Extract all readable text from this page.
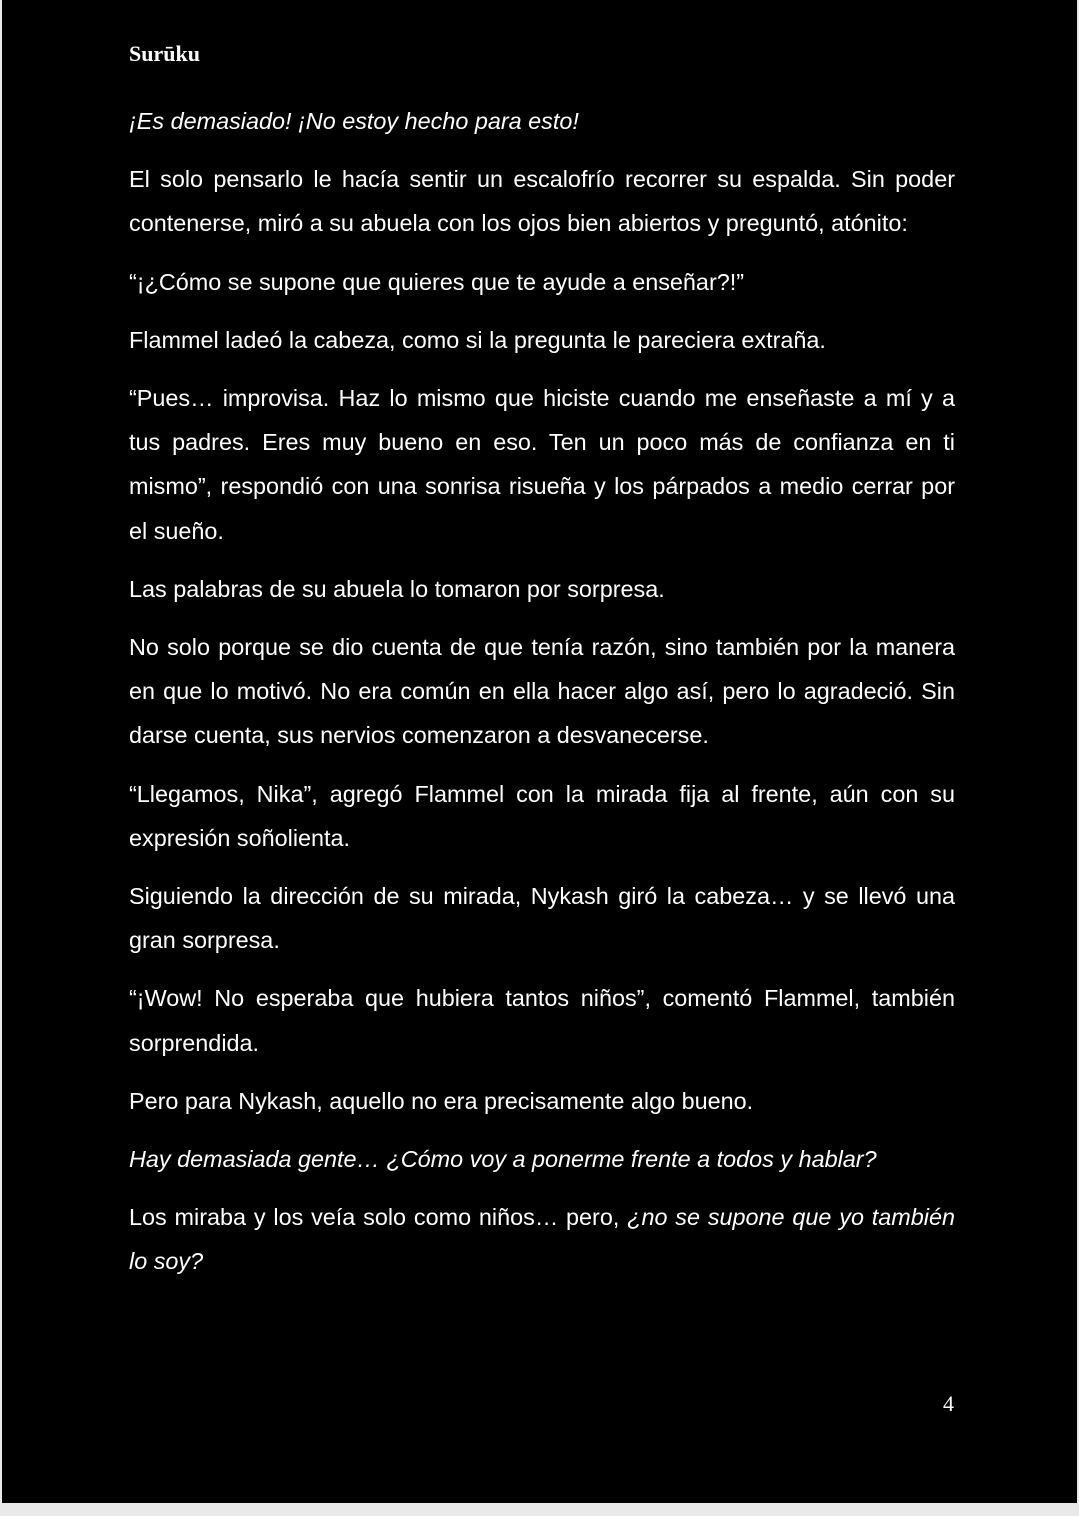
Surūku

¡Es demasiado! ¡No estoy hecho para esto!

El solo pensarlo le hacía sentir un escalofrío recorrer su espalda. Sin poder contenerse, miró a su abuela con los ojos bien abiertos y preguntó, atónito:

“¡¿Cómo se supone que quieres que te ayude a enseñar?!”

Flammel ladeó la cabeza, como si la pregunta le pareciera extraña.

“Pues… improvisa. Haz lo mismo que hiciste cuando me enseñaste a mí y a tus padres. Eres muy bueno en eso. Ten un poco más de confianza en ti mismo”, respondió con una sonrisa risueña y los párpados a medio cerrar por el sueño.

Las palabras de su abuela lo tomaron por sorpresa.

No solo porque se dio cuenta de que tenía razón, sino también por la manera en que lo motivó. No era común en ella hacer algo así, pero lo agradeció. Sin darse cuenta, sus nervios comenzaron a desvanecerse.

“Llegamos, Nika”, agregó Flammel con la mirada fija al frente, aún con su expresión soñolienta.

Siguiendo la dirección de su mirada, Nykash giró la cabeza… y se llevó una gran sorpresa.

“¡Wow! No esperaba que hubiera tantos niños”, comentó Flammel, también sorprendida.

Pero para Nykash, aquello no era precisamente algo bueno.

Hay demasiada gente… ¿Cómo voy a ponerme frente a todos y hablar?

Los miraba y los veía solo como niños… pero, ¿no se supone que yo también lo soy?

4
